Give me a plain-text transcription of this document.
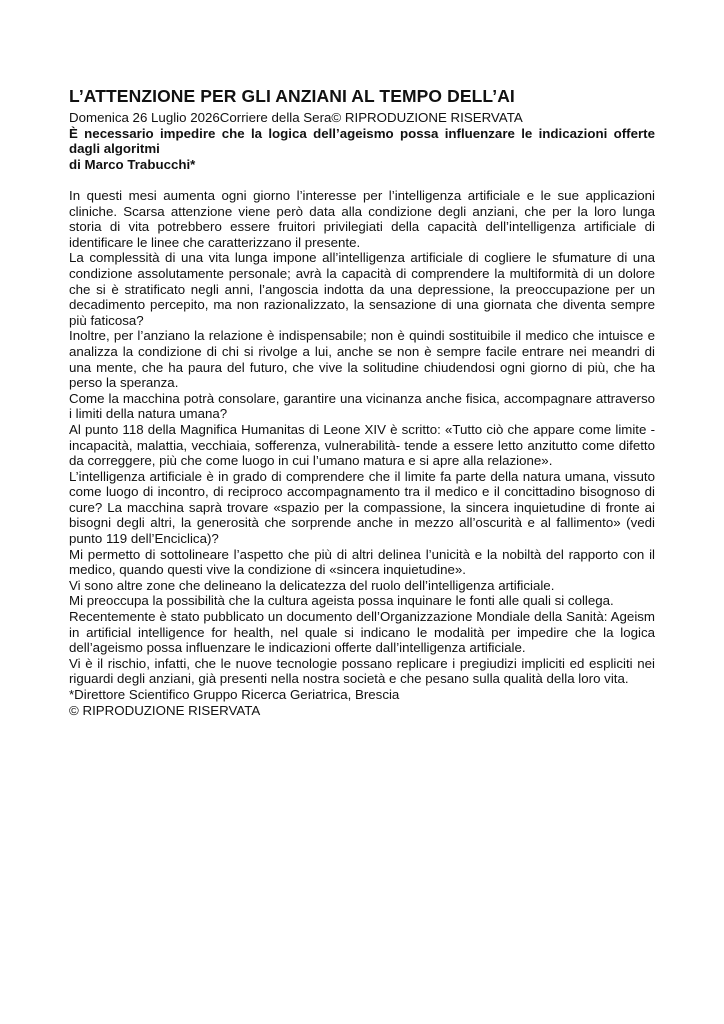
L’ATTENZIONE PER GLI ANZIANI AL TEMPO DELL’AI
Domenica 26 Luglio 2026Corriere della Sera© RIPRODUZIONE RISERVATA
È necessario impedire che la logica dell’ageismo possa influenzare le indicazioni offerte dagli algoritmi
di Marco Trabucchi*

In questi mesi aumenta ogni giorno l’interesse per l’intelligenza artificiale e le sue applicazioni cliniche. Scarsa attenzione viene però data alla condizione degli anziani, che per la loro lunga storia di vita potrebbero essere fruitori privilegiati della capacità dell’intelligenza artificiale di identificare le linee che caratterizzano il presente.

La complessità di una vita lunga impone all’intelligenza artificiale di cogliere le sfumature di una condizione assolutamente personale; avrà la capacità di comprendere la multiformità di un dolore che si è stratificato negli anni, l’angoscia indotta da una depressione, la preoccupazione per un decadimento percepito, ma non razionalizzato, la sensazione di una giornata che diventa sempre più faticosa?

Inoltre, per l’anziano la relazione è indispensabile; non è quindi sostituibile il medico che intuisce e analizza la condizione di chi si rivolge a lui, anche se non è sempre facile entrare nei meandri di una mente, che ha paura del futuro, che vive la solitudine chiudendosi ogni giorno di più, che ha perso la speranza.

Come la macchina potrà consolare, garantire una vicinanza anche fisica, accompagnare attraverso i limiti della natura umana?

Al punto 118 della Magnifica Humanitas di Leone XIV è scritto: «Tutto ciò che appare come limite -incapacità, malattia, vecchiaia, sofferenza, vulnerabilità- tende a essere letto anzitutto come difetto da correggere, più che come luogo in cui l’umano matura e si apre alla relazione».

L’intelligenza artificiale è in grado di comprendere che il limite fa parte della natura umana, vissuto come luogo di incontro, di reciproco accompagnamento tra il medico e il concittadino bisognoso di cure? La macchina saprà trovare «spazio per la compassione, la sincera inquietudine di fronte ai bisogni degli altri, la generosità che sorprende anche in mezzo all’oscurità e al fallimento» (vedi punto 119 dell’Enciclica)?

Mi permetto di sottolineare l’aspetto che più di altri delinea l’unicità e la nobiltà del rapporto con il medico, quando questi vive la condizione di «sincera inquietudine».

Vi sono altre zone che delineano la delicatezza del ruolo dell’intelligenza artificiale.

Mi preoccupa la possibilità che la cultura ageista possa inquinare le fonti alle quali si collega.

Recentemente è stato pubblicato un documento dell’Organizzazione Mondiale della Sanità: Ageism in artificial intelligence for health, nel quale si indicano le modalità per impedire che la logica dell’ageismo possa influenzare le indicazioni offerte dall’intelligenza artificiale.

Vi è il rischio, infatti, che le nuove tecnologie possano replicare i pregiudizi impliciti ed espliciti nei riguardi degli anziani, già presenti nella nostra società e che pesano sulla qualità della loro vita.

*Direttore Scientifico Gruppo Ricerca Geriatrica, Brescia
© RIPRODUZIONE RISERVATA
